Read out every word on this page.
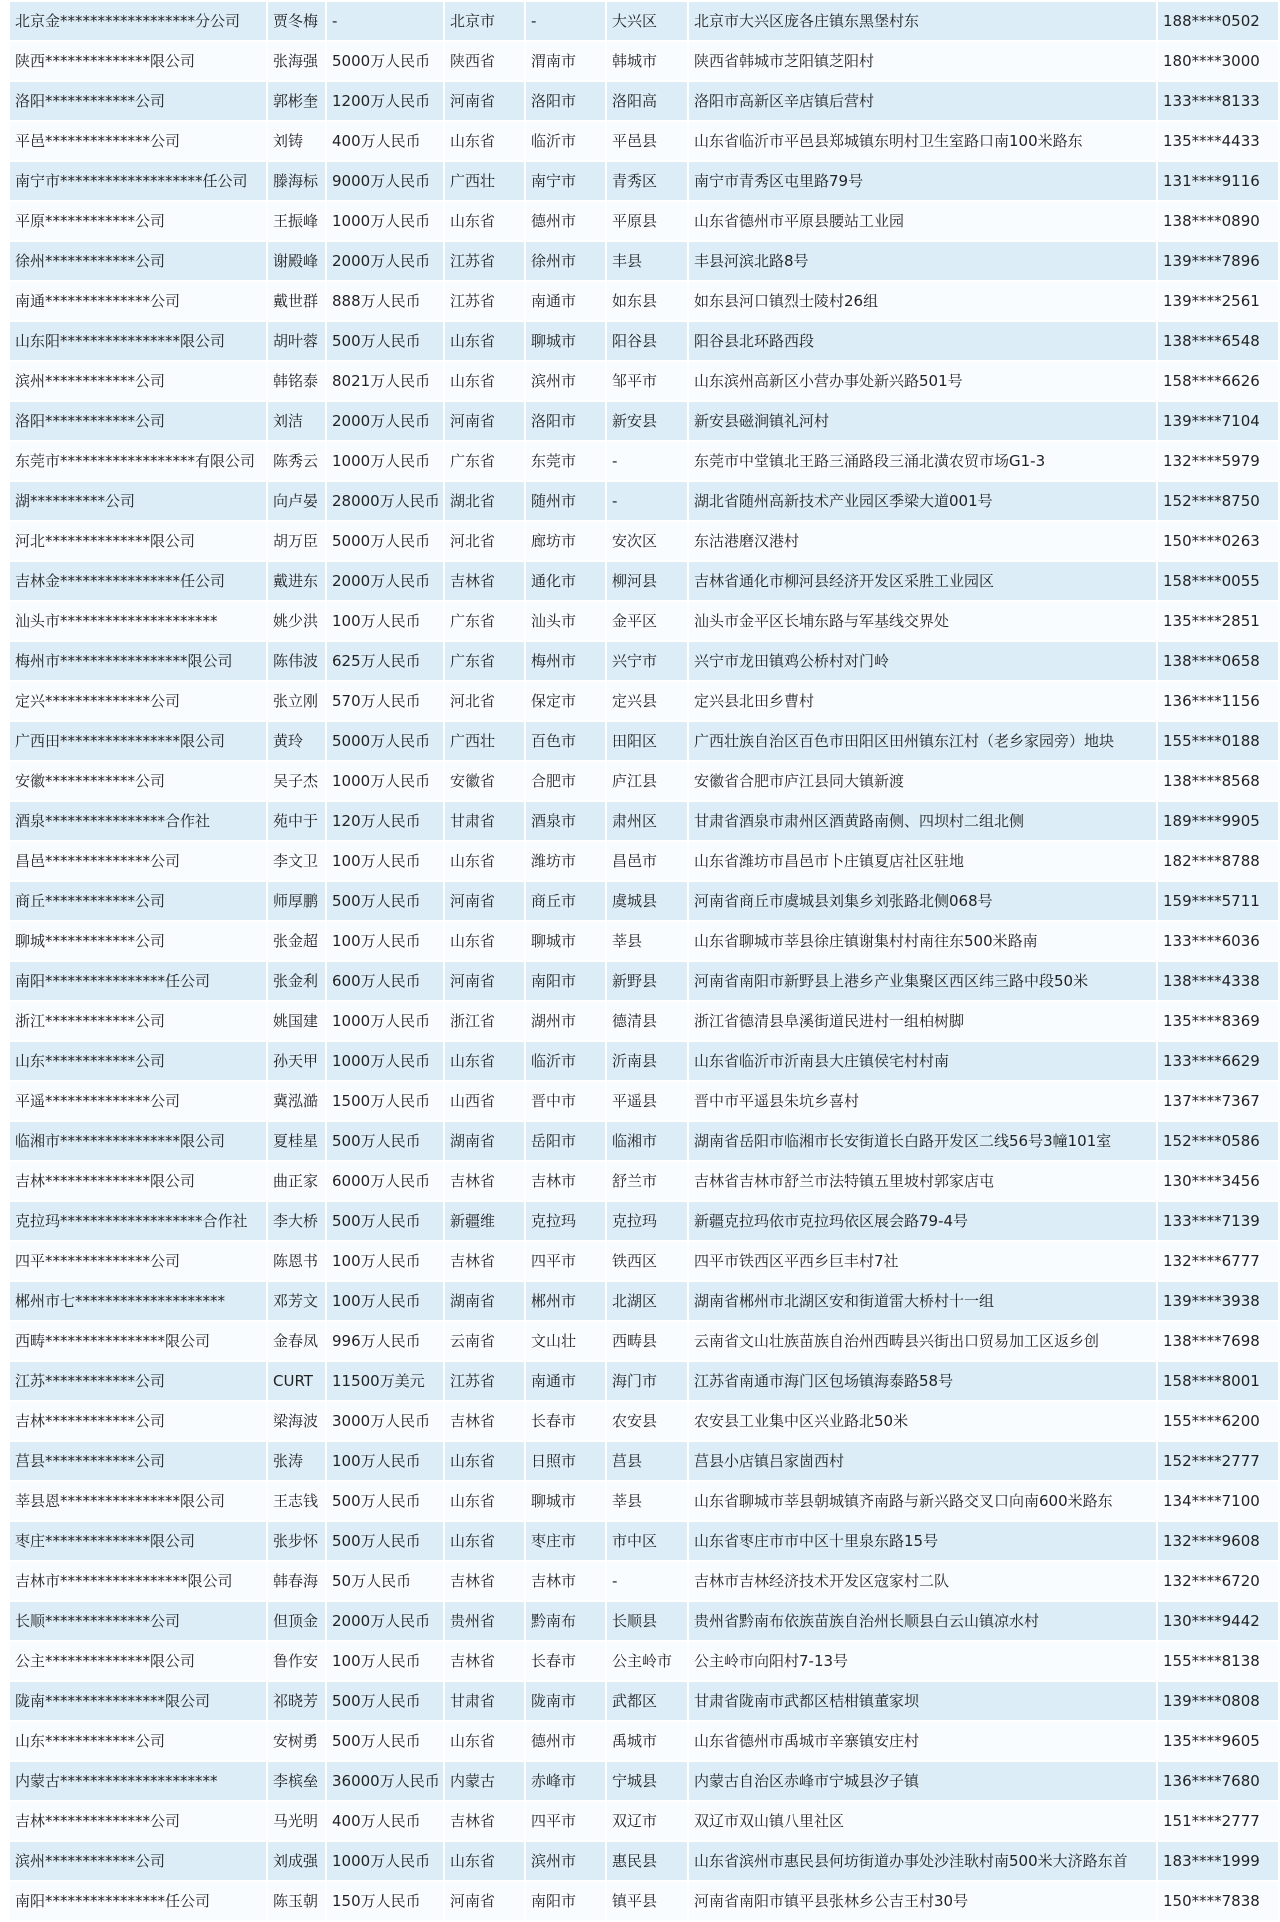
北京金******************分公司	贾冬梅	-	北京市	-	大兴区	北京市大兴区庞各庄镇东黑堡村东	188****0502
陕西**************限公司	张海强	5000万人民币	陕西省	渭南市	韩城市	陕西省韩城市芝阳镇芝阳村	180****3000
洛阳************公司	郭彬奎	1200万人民币	河南省	洛阳市	洛阳高	洛阳市高新区辛店镇后营村	133****8133
平邑**************公司	刘铸	400万人民币	山东省	临沂市	平邑县	山东省临沂市平邑县郑城镇东明村卫生室路口南100米路东	135****4433
南宁市*******************任公司	滕海标	9000万人民币	广西壮	南宁市	青秀区	南宁市青秀区屯里路79号	131****9116
平原************公司	王振峰	1000万人民币	山东省	德州市	平原县	山东省德州市平原县腰站工业园	138****0890
徐州************公司	谢殿峰	2000万人民币	江苏省	徐州市	丰县	丰县河滨北路8号	139****7896
南通**************公司	戴世群	888万人民币	江苏省	南通市	如东县	如东县河口镇烈士陵村26组	139****2561
山东阳****************限公司	胡叶蓉	500万人民币	山东省	聊城市	阳谷县	阳谷县北环路西段	138****6548
滨州************公司	韩铭泰	8021万人民币	山东省	滨州市	邹平市	山东滨州高新区小营办事处新兴路501号	158****6626
洛阳************公司	刘洁	2000万人民币	河南省	洛阳市	新安县	新安县磁涧镇礼河村	139****7104
东莞市******************有限公司	陈秀云	1000万人民币	广东省	东莞市	-	东莞市中堂镇北王路三涌路段三涌北潢农贸市场G1-3	132****5979
湖**********公司	向卢晏	28000万人民币	湖北省	随州市	-	湖北省随州高新技术产业园区季梁大道001号	152****8750
河北**************限公司	胡万臣	5000万人民币	河北省	廊坊市	安次区	东沽港磨汉港村	150****0263
吉林金****************任公司	戴进东	2000万人民币	吉林省	通化市	柳河县	吉林省通化市柳河县经济开发区采胜工业园区	158****0055
汕头市*********************	姚少洪	100万人民币	广东省	汕头市	金平区	汕头市金平区长埔东路与军基线交界处	135****2851
梅州市*****************限公司	陈伟波	625万人民币	广东省	梅州市	兴宁市	兴宁市龙田镇鸡公桥村对门岭	138****0658
定兴**************公司	张立刚	570万人民币	河北省	保定市	定兴县	定兴县北田乡曹村	136****1156
广西田****************限公司	黄玲	5000万人民币	广西壮	百色市	田阳区	广西壮族自治区百色市田阳区田州镇东江村（老乡家园旁）地块	155****0188
安徽************公司	吴子杰	1000万人民币	安徽省	合肥市	庐江县	安徽省合肥市庐江县同大镇新渡	138****8568
酒泉****************合作社	苑中于	120万人民币	甘肃省	酒泉市	肃州区	甘肃省酒泉市肃州区酒黄路南侧、四坝村二组北侧	189****9905
昌邑**************公司	李文卫	100万人民币	山东省	潍坊市	昌邑市	山东省潍坊市昌邑市卜庄镇夏店社区驻地	182****8788
商丘************公司	师厚鹏	500万人民币	河南省	商丘市	虞城县	河南省商丘市虞城县刘集乡刘张路北侧068号	159****5711
聊城************公司	张金超	100万人民币	山东省	聊城市	莘县	山东省聊城市莘县徐庄镇谢集村村南往东500米路南	133****6036
南阳****************任公司	张金利	600万人民币	河南省	南阳市	新野县	河南省南阳市新野县上港乡产业集聚区西区纬三路中段50米	138****4338
浙江************公司	姚国建	1000万人民币	浙江省	湖州市	德清县	浙江省德清县阜溪街道民进村一组柏树脚	135****8369
山东************公司	孙天甲	1000万人民币	山东省	临沂市	沂南县	山东省临沂市沂南县大庄镇侯宅村村南	133****6629
平遥**************公司	冀泓澔	1500万人民币	山西省	晋中市	平遥县	晋中市平遥县朱坑乡喜村	137****7367
临湘市****************限公司	夏桂星	500万人民币	湖南省	岳阳市	临湘市	湖南省岳阳市临湘市长安街道长白路开发区二线56号3幢101室	152****0586
吉林**************限公司	曲正家	6000万人民币	吉林省	吉林市	舒兰市	吉林省吉林市舒兰市法特镇五里坡村郭家店屯	130****3456
克拉玛*******************合作社	李大桥	500万人民币	新疆维	克拉玛	克拉玛	新疆克拉玛依市克拉玛依区展会路79-4号	133****7139
四平**************公司	陈恩书	100万人民币	吉林省	四平市	铁西区	四平市铁西区平西乡巨丰村7社	132****6777
郴州市七********************	邓芳文	100万人民币	湖南省	郴州市	北湖区	湖南省郴州市北湖区安和街道雷大桥村十一组	139****3938
西畴****************限公司	金春凤	996万人民币	云南省	文山壮	西畴县	云南省文山壮族苗族自治州西畴县兴街出口贸易加工区返乡创	138****7698
江苏************公司	CURT	11500万美元	江苏省	南通市	海门市	江苏省南通市海门区包场镇海泰路58号	158****8001
吉林************公司	梁海波	3000万人民币	吉林省	长春市	农安县	农安县工业集中区兴业路北50米	155****6200
莒县************公司	张涛	100万人民币	山东省	日照市	莒县	莒县小店镇吕家崮西村	152****2777
莘县恩****************限公司	王志钱	500万人民币	山东省	聊城市	莘县	山东省聊城市莘县朝城镇齐南路与新兴路交叉口向南600米路东	134****7100
枣庄**************限公司	张步怀	500万人民币	山东省	枣庄市	市中区	山东省枣庄市市中区十里泉东路15号	132****9608
吉林市*****************限公司	韩春海	50万人民币	吉林省	吉林市	-	吉林市吉林经济技术开发区寇家村二队	132****6720
长顺**************公司	但顶金	2000万人民币	贵州省	黔南布	长顺县	贵州省黔南布依族苗族自治州长顺县白云山镇凉水村	130****9442
公主**************限公司	鲁作安	100万人民币	吉林省	长春市	公主岭市	公主岭市向阳村7-13号	155****8138
陇南****************限公司	祁晓芳	500万人民币	甘肃省	陇南市	武都区	甘肃省陇南市武都区桔柑镇董家坝	139****0808
山东************公司	安树勇	500万人民币	山东省	德州市	禹城市	山东省德州市禹城市辛寨镇安庄村	135****9605
内蒙古*********************	李槟垒	36000万人民币	内蒙古	赤峰市	宁城县	内蒙古自治区赤峰市宁城县汐子镇	136****7680
吉林**************公司	马光明	400万人民币	吉林省	四平市	双辽市	双辽市双山镇八里社区	151****2777
滨州************公司	刘成强	1000万人民币	山东省	滨州市	惠民县	山东省滨州市惠民县何坊街道办事处沙洼耿村南500米大济路东首	183****1999
南阳****************任公司	陈玉朝	150万人民币	河南省	南阳市	镇平县	河南省南阳市镇平县张林乡公吉王村30号	150****7838
